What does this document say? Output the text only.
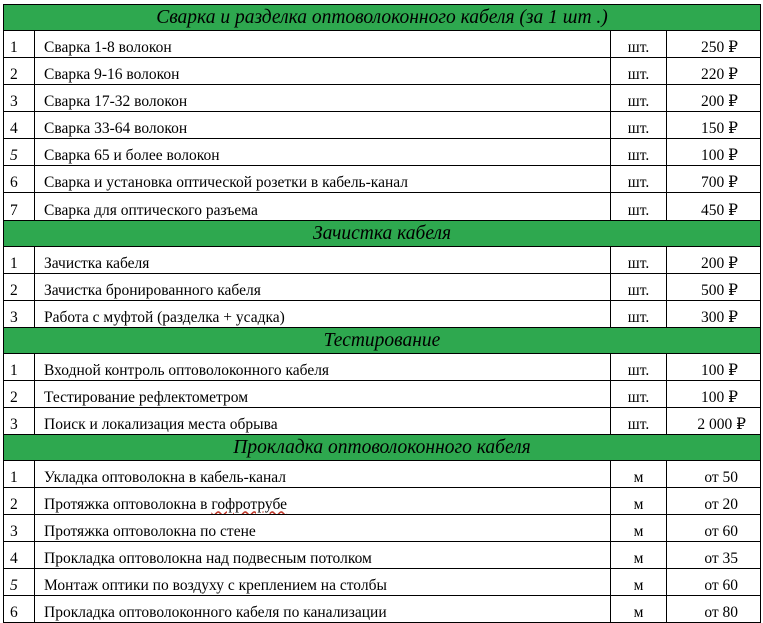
Сварка и разделка оптоволоконного кабеля (за 1 шт .)			
1	Сварка 1-8 волокон	шт.	250 ₽
2	Сварка 9-16 волокон	шт.	220 ₽
3	Сварка 17-32 волокон	шт.	200 ₽
4	Сварка 33-64 волокон	шт.	150 ₽
5	Сварка 65 и более волокон	шт.	100 ₽
6	Сварка и установка оптической розетки в кабель-канал	шт.	700 ₽
7	Сварка для оптического разъема	шт.	450 ₽
Зачистка кабеля			
1	Зачистка кабеля	шт.	200 ₽
2	Зачистка бронированного кабеля	шт.	500 ₽
3	Работа с муфтой (разделка + усадка)	шт.	300 ₽
Тестирование			
1	Входной контроль оптоволоконного кабеля	шт.	100 ₽
2	Тестирование рефлектометром	шт.	100 ₽
3	Поиск и локализация места обрыва	шт.	2 000 ₽
Прокладка оптоволоконного кабеля			
1	Укладка оптоволокна в кабель-канал	м	от 50
2	Протяжка оптоволокна в гофротрубе	м	от 20
3	Протяжка оптоволокна по стене	м	от 60
4	Прокладка оптоволокна над подвесным потолком	м	от 35
5	Монтаж оптики по воздуху с креплением на столбы	м	от 60
6	Прокладка оптоволоконного кабеля по канализации	м	от 80
